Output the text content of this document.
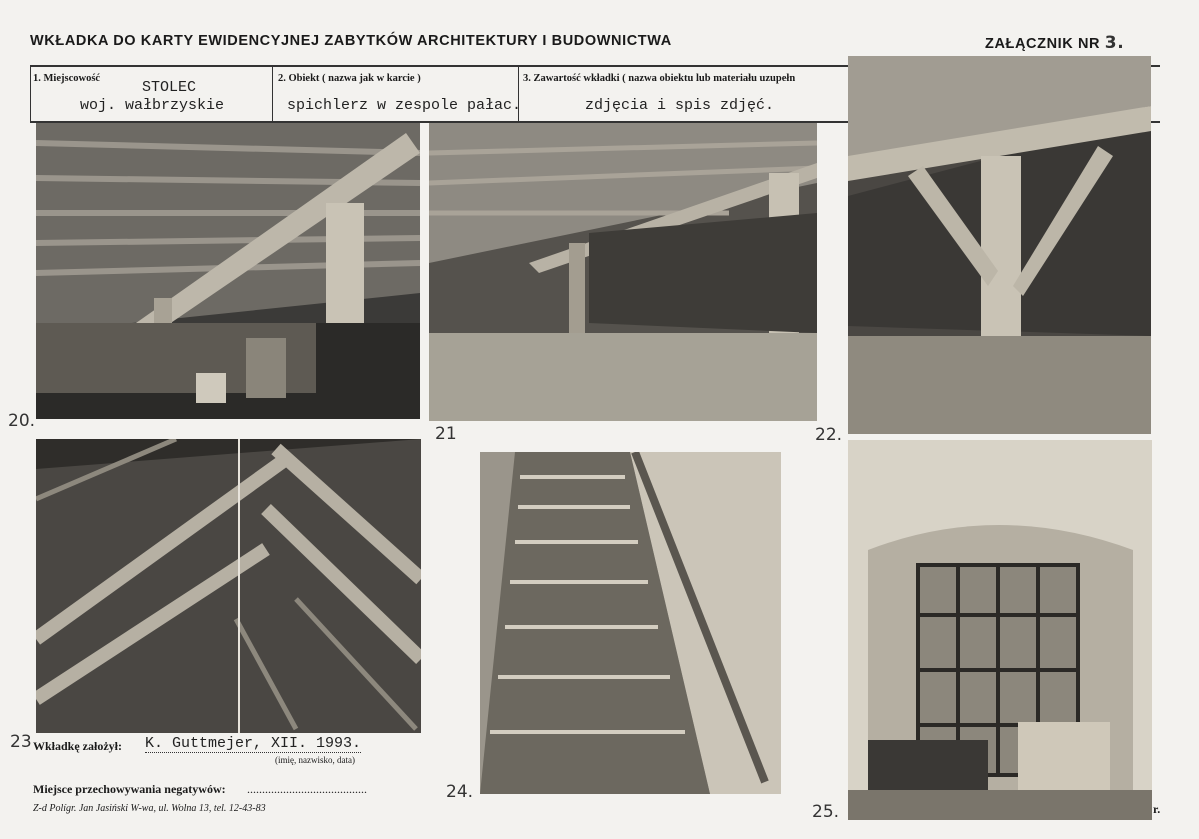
WKŁADKA DO KARTY EWIDENCYJNEJ ZABYTKÓW ARCHITEKTURY I BUDOWNICTWA	ZAŁĄCZNIK NR 3.
1. Miejscowość
STOLEC
woj. wałbrzyskie
2. Obiekt ( nazwa jak w karcie )
spichlerz w zespole pałac.
3. Zawartość wkładki ( nazwa obiektu lub materiału uzupełn
zdjęcia i spis zdjęć.
20.
21	22.
23
24.
25.
Wkładkę założył: K. Guttmejer, XII. 1993.
(imię, nazwisko, data)
Miejsce przechowywania negatywów: ........................................
Z-d Polígr. Jan Jasiński W-wa, ul. Wolna 13, tel. 12-43-83	r.
